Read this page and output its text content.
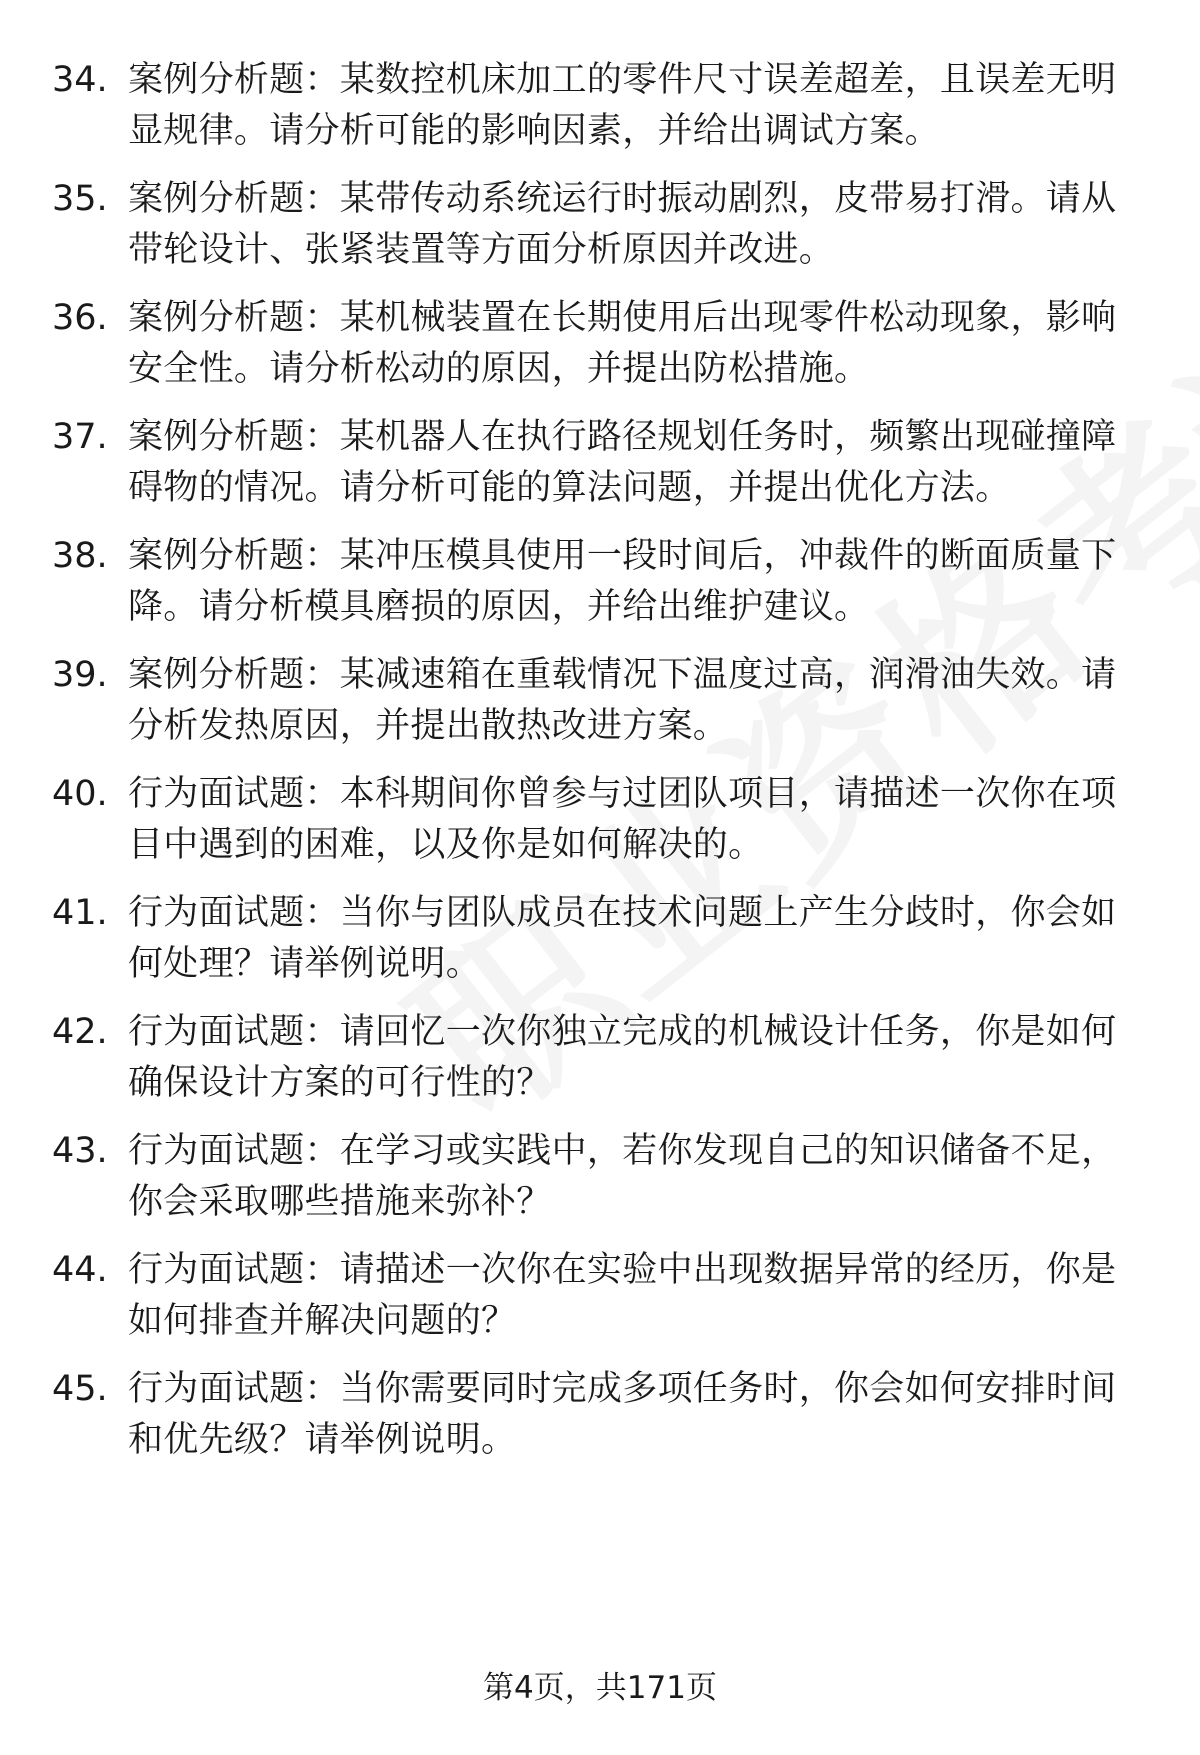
34. 案例分析题：某数控机床加工的零件尺寸误差超差，且误差无明显规律。请分析可能的影响因素，并给出调试方案。
35. 案例分析题：某带传动系统运行时振动剧烈，皮带易打滑。请从带轮设计、张紧装置等方面分析原因并改进。
36. 案例分析题：某机械装置在长期使用后出现零件松动现象，影响安全性。请分析松动的原因，并提出防松措施。
37. 案例分析题：某机器人在执行路径规划任务时，频繁出现碰撞障碍物的情况。请分析可能的算法问题，并提出优化方法。
38. 案例分析题：某冲压模具使用一段时间后，冲裁件的断面质量下降。请分析模具磨损的原因，并给出维护建议。
39. 案例分析题：某减速箱在重载情况下温度过高，润滑油失效。请分析发热原因，并提出散热改进方案。
40. 行为面试题：本科期间你曾参与过团队项目，请描述一次你在项目中遇到的困难，以及你是如何解决的。
41. 行为面试题：当你与团队成员在技术问题上产生分歧时，你会如何处理？请举例说明。
42. 行为面试题：请回忆一次你独立完成的机械设计任务，你是如何确保设计方案的可行性的？
43. 行为面试题：在学习或实践中，若你发现自己的知识储备不足，你会采取哪些措施来弥补？
44. 行为面试题：请描述一次你在实验中出现数据异常的经历，你是如何排查并解决问题的？
45. 行为面试题：当你需要同时完成多项任务时，你会如何安排时间和优先级？请举例说明。
第4页，共171页
